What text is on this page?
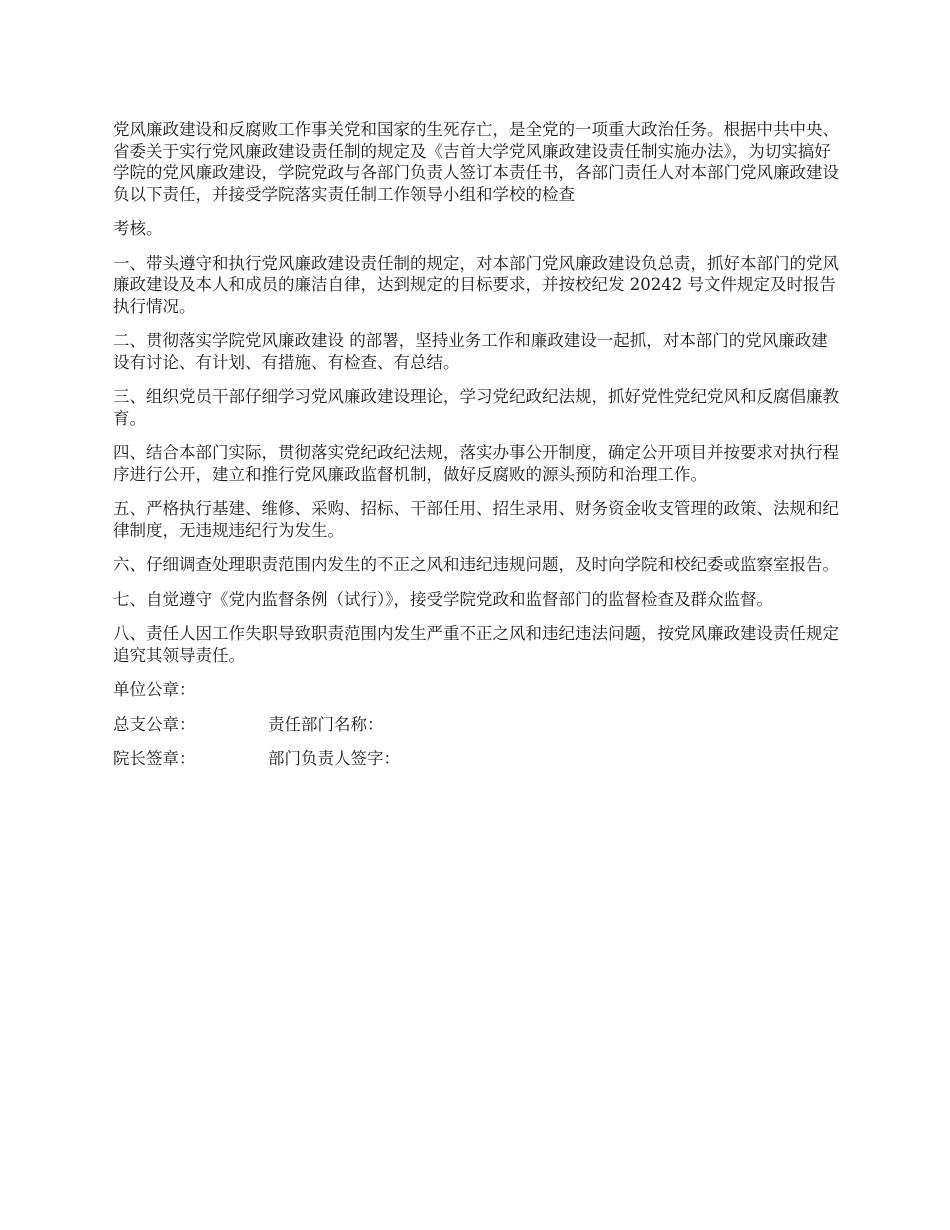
党风廉政建设和反腐败工作事关党和国家的生死存亡，是全党的一项重大政治任务。根据中共中央、省委关于实行党风廉政建设责任制的规定及《吉首大学党风廉政建设责任制实施办法》，为切实搞好学院的党风廉政建设，学院党政与各部门负责人签订本责任书，各部门责任人对本部门党风廉政建设负以下责任，并接受学院落实责任制工作领导小组和学校的检查

考核。

一、带头遵守和执行党风廉政建设责任制的规定，对本部门党风廉政建设负总责，抓好本部门的党风廉政建设及本人和成员的廉洁自律，达到规定的目标要求，并按校纪发 20242 号文件规定及时报告执行情况。

二、贯彻落实学院党风廉政建设 的部署，坚持业务工作和廉政建设一起抓，对本部门的党风廉政建设有讨论、有计划、有措施、有检查、有总结。

三、组织党员干部仔细学习党风廉政建设理论，学习党纪政纪法规，抓好党性党纪党风和反腐倡廉教育。

四、结合本部门实际，贯彻落实党纪政纪法规，落实办事公开制度，确定公开项目并按要求对执行程序进行公开，建立和推行党风廉政监督机制，做好反腐败的源头预防和治理工作。

五、严格执行基建、维修、采购、招标、干部任用、招生录用、财务资金收支管理的政策、法规和纪律制度，无违规违纪行为发生。

六、仔细调查处理职责范围内发生的不正之风和违纪违规问题，及时向学院和校纪委或监察室报告。

七、自觉遵守《党内监督条例（试行）》，接受学院党政和监督部门的监督检查及群众监督。

八、责任人因工作失职导致职责范围内发生严重不正之风和违纪违法问题，按党风廉政建设责任规定追究其领导责任。

单位公章：
总支公章：	责任部门名称：
院长签章：	部门负责人签字：
